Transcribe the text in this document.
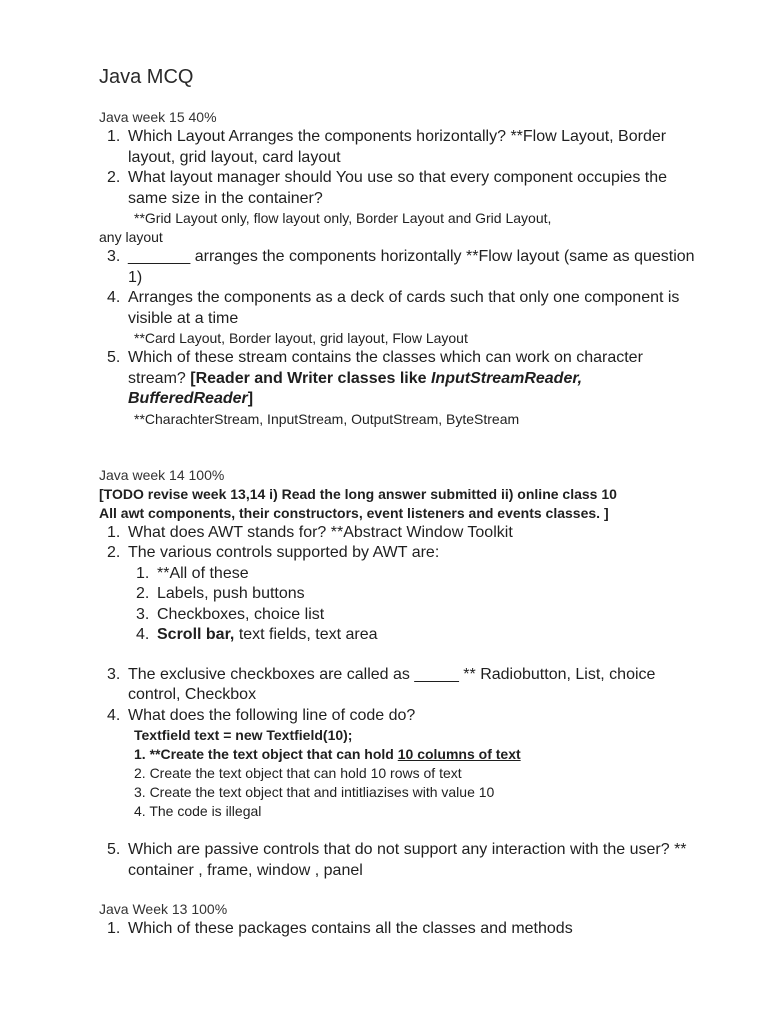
Java MCQ
Java week 15 40%
1. Which Layout Arranges the components horizontally? **Flow Layout, Border layout, grid layout, card layout
2. What layout manager should You use so that every component occupies the same size in the container?
**Grid Layout only, flow layout only, Border Layout and Grid Layout,
any layout
3. _______ arranges the components horizontally **Flow layout (same as question 1)
4. Arranges the components as a deck of cards such that only one component is visible at a time
**Card Layout, Border layout, grid layout, Flow Layout
5. Which of these stream contains the classes which can work on character stream? [Reader and Writer classes like InputStreamReader, BufferedReader]
**CharachterStream, InputStream, OutputStream, ByteStream
Java week 14 100%
[TODO revise week 13,14 i) Read the long answer submitted ii) online class 10
All awt components, their constructors, event listeners and events classes. ]
1. What does AWT stands for? **Abstract Window Toolkit
2. The various controls supported by AWT are:
1. **All of these
2. Labels, push buttons
3. Checkboxes, choice list
4. Scroll bar, text fields, text area
3. The exclusive checkboxes are called as _____ ** Radiobutton, List, choice control, Checkbox
4. What does the following line of code do?
Textfield text = new Textfield(10);
1. **Create the text object that can hold 10 columns of text
2. Create the text object that can hold 10 rows of text
3. Create the text object that and intitliazises with value 10
4. The code is illegal
5. Which are passive controls that do not support any interaction with the user? ** container , frame, window , panel
Java Week 13 100%
1. Which of these packages contains all the classes and methods
